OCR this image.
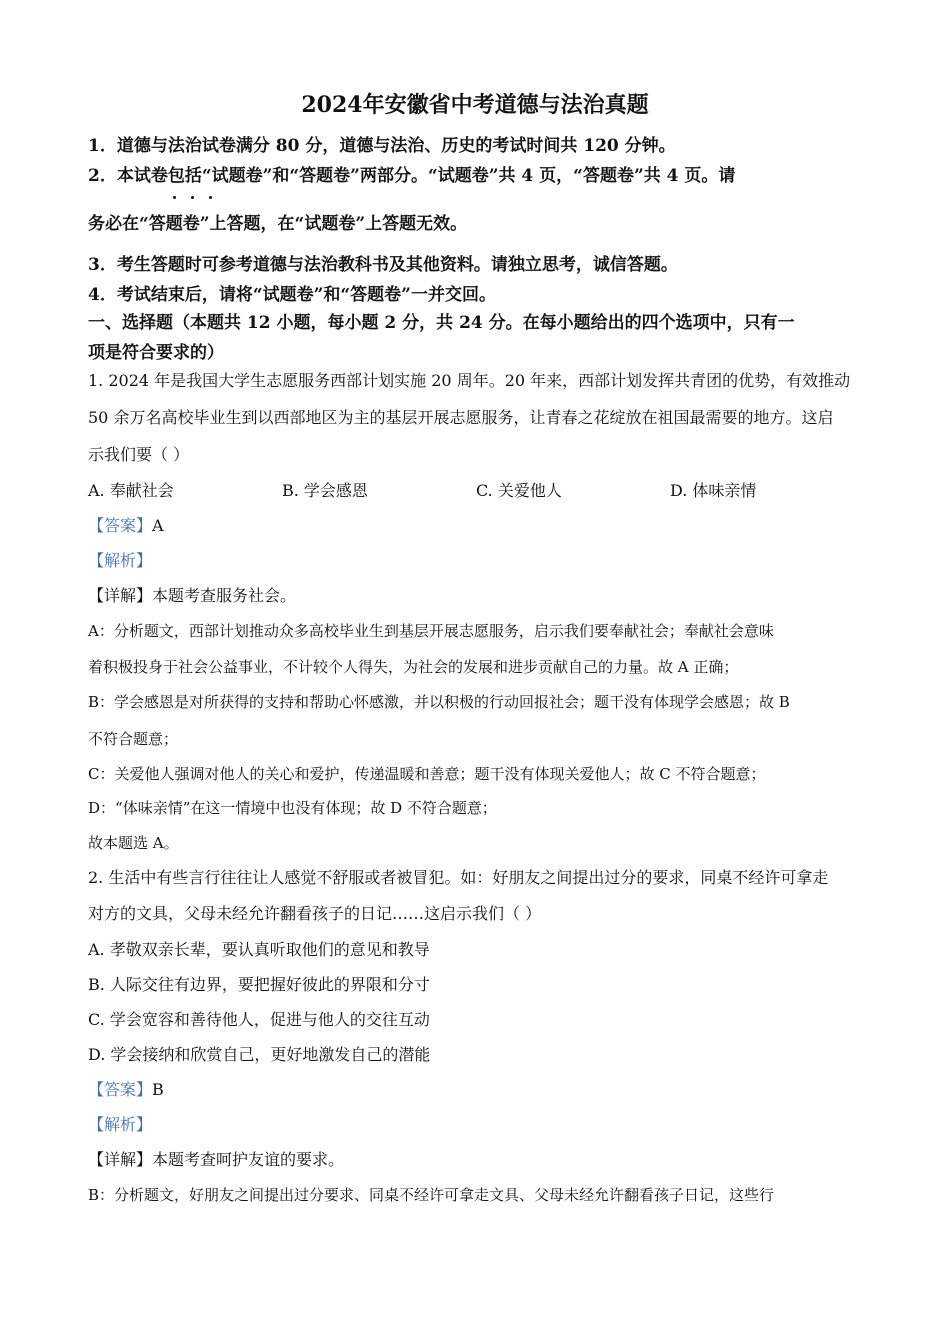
2024年安徽省中考道德与法治真题
1．道德与法治试卷满分 80 分，道德与法治、历史的考试时间共 120 分钟。
2．本试卷包括“试题卷”和“答题卷”两部分。“试题卷”共 4 页，“答题卷”共 4 页。请
务必在“答题卷”上答题，在“试题卷”上答题无效。
3．考生答题时可参考道德与法治教科书及其他资料。请独立思考，诚信答题。
4．考试结束后，请将“试题卷”和“答题卷”一并交回。
一、选择题（本题共 12 小题，每小题 2 分，共 24 分。在每小题给出的四个选项中，只有一
项是符合要求的）
1. 2024 年是我国大学生志愿服务西部计划实施 20 周年。20 年来，西部计划发挥共青团的优势，有效推动
50 余万名高校毕业生到以西部地区为主的基层开展志愿服务，让青春之花绽放在祖国最需要的地方。这启
示我们要（ ）
A. 奉献社会	B. 学会感恩	C. 关爱他人	D. 体味亲情
【答案】A
【解析】
【详解】本题考查服务社会。
A：分析题文，西部计划推动众多高校毕业生到基层开展志愿服务，启示我们要奉献社会；奉献社会意味
着积极投身于社会公益事业，不计较个人得失，为社会的发展和进步贡献自己的力量。故 A 正确；
B：学会感恩是对所获得的支持和帮助心怀感激，并以积极的行动回报社会；题干没有体现学会感恩；故 B
不符合题意；
C：关爱他人强调对他人的关心和爱护，传递温暖和善意；题干没有体现关爱他人；故 C 不符合题意；
D：“体味亲情”在这一情境中也没有体现；故 D 不符合题意；
故本题选 A。
2. 生活中有些言行往往让人感觉不舒服或者被冒犯。如：好朋友之间提出过分的要求，同桌不经许可拿走
对方的文具，父母未经允许翻看孩子的日记……这启示我们（ ）
A. 孝敬双亲长辈，要认真听取他们的意见和教导
B. 人际交往有边界，要把握好彼此的界限和分寸
C. 学会宽容和善待他人，促进与他人的交往互动
D. 学会接纳和欣赏自己，更好地激发自己的潜能
【答案】B
【解析】
【详解】本题考查呵护友谊的要求。
B：分析题文，好朋友之间提出过分要求、同桌不经许可拿走文具、父母未经允许翻看孩子日记，这些行
